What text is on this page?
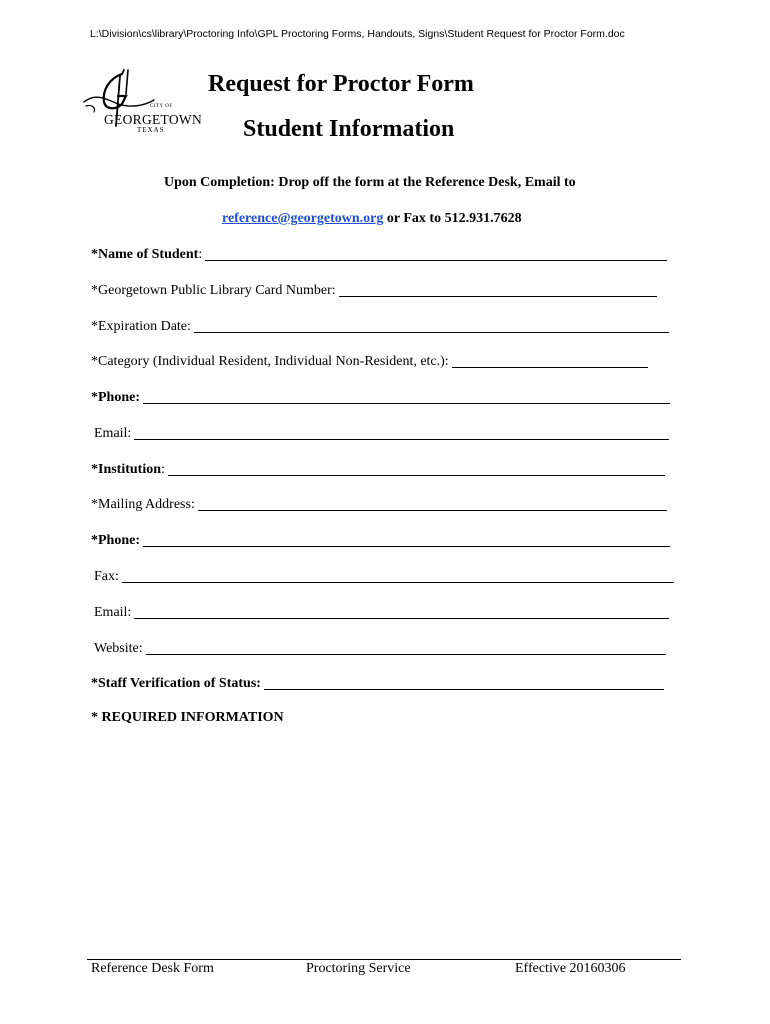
L:\Division\cs\library\Proctoring Info\GPL Proctoring Forms, Handouts, Signs\Student Request for Proctor Form.doc
CITY OF
GEORGETOWN
TEXAS
Request for Proctor Form
Student Information
Upon Completion: Drop off the form at the Reference Desk, Email to
reference@georgetown.org or Fax to 512.931.7628
*Name of Student:
*Georgetown Public Library Card Number:
*Expiration Date:
*Category (Individual Resident, Individual Non-Resident, etc.):
*Phone:
Email:
*Institution:
*Mailing Address:
*Phone:
Fax:
Email:
Website:
*Staff Verification of Status:
* REQUIRED INFORMATION
Reference Desk Form	Proctoring Service	Effective 20160306
